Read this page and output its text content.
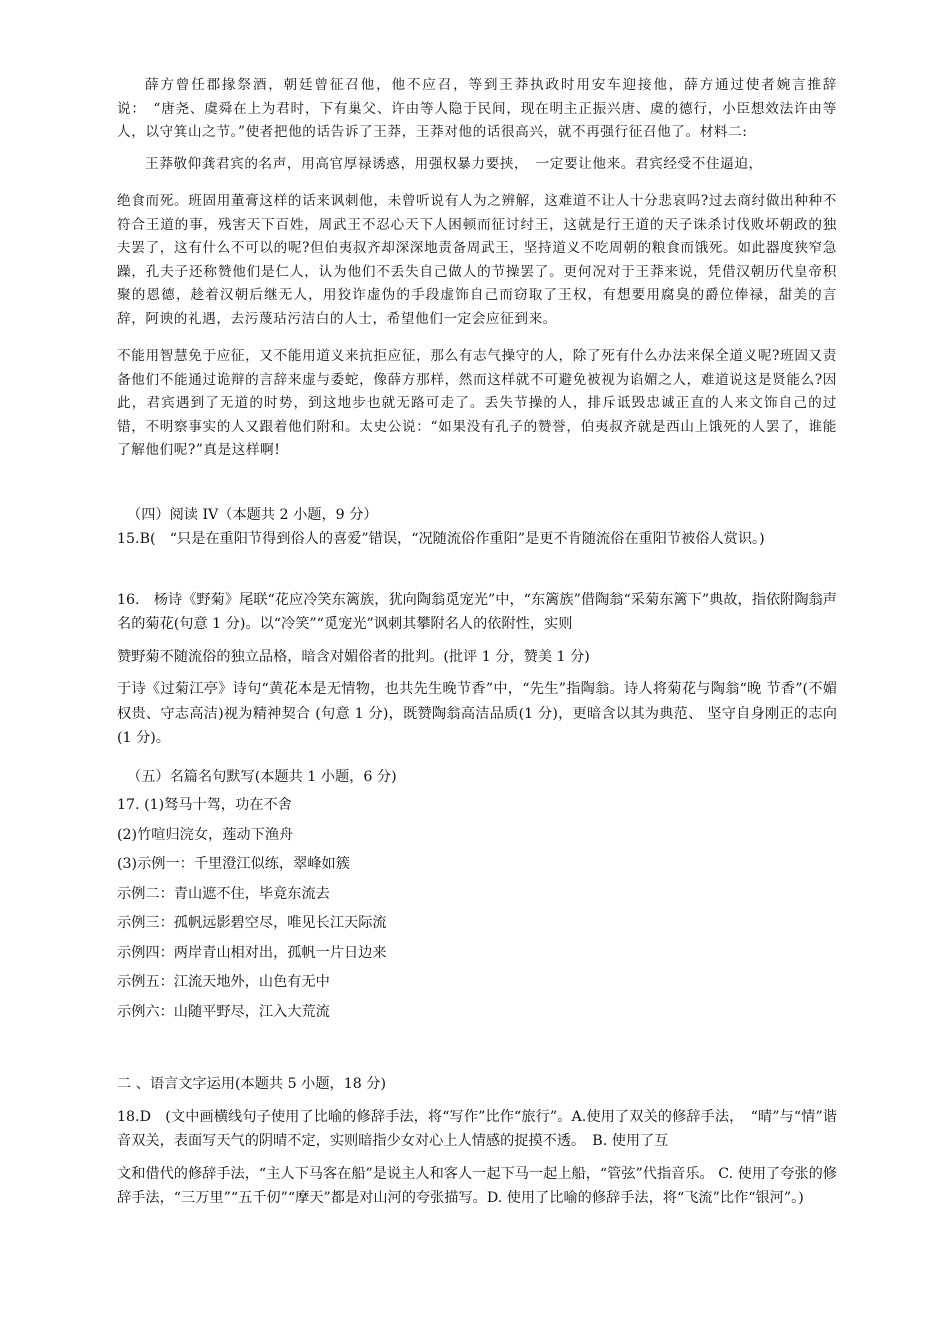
薛方曾任郡掾祭酒，朝廷曾征召他，他不应召，等到王莽执政时用安车迎接他，薛方通过使者婉言推辞说：　“唐尧、虞舜在上为君时，下有巢父、许由等人隐于民间，现在明主正振兴唐、虞的德行，小臣想效法许由等人，以守箕山之节。”使者把他的话告诉了王莽，王莽对他的话很高兴，就不再强行征召他了。材料二:

王莽敬仰龚君宾的名声，用高官厚禄诱惑，用强权暴力要挟，　一定要让他来。君宾经受不住逼迫，

绝食而死。班固用董膏这样的话来讽刺他，未曾听说有人为之辨解，这难道不让人十分悲哀吗?过去商纣做出种种不符合王道的事，残害天下百姓，周武王不忍心天下人困顿而征讨纣王，这就是行王道的天子诛杀讨伐败坏朝政的独夫罢了，这有什么不可以的呢?但伯夷叔齐却深深地责备周武王，坚持道义不吃周朝的粮食而饿死。如此器度狭窄急躁，孔夫子还称赞他们是仁人，认为他们不丢失自己做人的节操罢了。更何况对于王莽来说，凭借汉朝历代皇帝积聚的恩德，趁着汉朝后继无人，用狡诈虚伪的手段虚饰自己而窃取了王权，有想要用腐臭的爵位俸禄，甜美的言辞，阿谀的礼遇，去污蔑玷污洁白的人士，希望他们一定会应征到来。

不能用智慧免于应征，又不能用道义来抗拒应征，那么有志气操守的人，除了死有什么办法来保全道义呢?班固又责备他们不能通过诡辩的言辞来虚与委蛇，像薛方那样，然而这样就不可避免被视为谄媚之人，难道说这是贤能么?因此，君宾遇到了无道的时势，到这地步也就无路可走了。丢失节操的人，排斥诋毁忠诚正直的人来文饰自己的过错，不明察事实的人又跟着他们附和。太史公说：“如果没有孔子的赞誉，伯夷叔齐就是西山上饿死的人罢了，谁能了解他们呢?”真是这样啊!

（四）阅读 IV（本题共 2 小题，9 分）

15.B(　“只是在重阳节得到俗人的喜爱”错误，“况随流俗作重阳”是更不肯随流俗在重阳节被俗人赏识。)

16.　杨诗《野菊》尾联“花应冷笑东篱族，犹向陶翁觅宠光”中，“东篱族”借陶翁“采菊东篱下”典故，指依附陶翁声名的菊花(句意 1 分)。以“冷笑”“觅宠光”讽刺其攀附名人的依附性，实则

赞野菊不随流俗的独立品格，暗含对媚俗者的批判。(批评 1 分，赞美 1 分)

于诗《过菊江亭》诗句“黄花本是无情物，也共先生晚节香”中，“先生”指陶翁。诗人将菊花与陶翁“晚 节香”(不媚权贵、守志高洁)视为精神契合 (句意 1 分)，既赞陶翁高洁品质(1 分)，更暗含以其为典范、 坚守自身刚正的志向(1 分)。

（五）名篇名句默写(本题共 1 小题，6 分)

17. (1)驽马十驾，功在不舍

(2)竹喧归浣女，莲动下渔舟

(3)示例一：千里澄江似练，翠峰如簇

示例二：青山遮不住，毕竟东流去

示例三：孤帆远影碧空尽，唯见长江天际流

示例四：两岸青山相对出，孤帆一片日边来

示例五：江流天地外，山色有无中

示例六：山随平野尽，江入大荒流

二 、语言文字运用(本题共 5 小题，18 分)

18.D　(文中画横线句子使用了比喻的修辞手法，将“写作”比作“旅行”。A.使用了双关的修辞手法，　“晴”与“情”谐音双关，表面写天气的阴晴不定，实则暗指少女对心上人情感的捉摸不透。　B. 使用了互

文和借代的修辞手法，“主人下马客在船”是说主人和客人一起下马一起上船，“管弦”代指音乐。 C. 使用了夸张的修辞手法，“三万里”“五千仞”“摩天”都是对山河的夸张描写。D. 使用了比喻的修辞手法，将“飞流”比作“银河”。)
